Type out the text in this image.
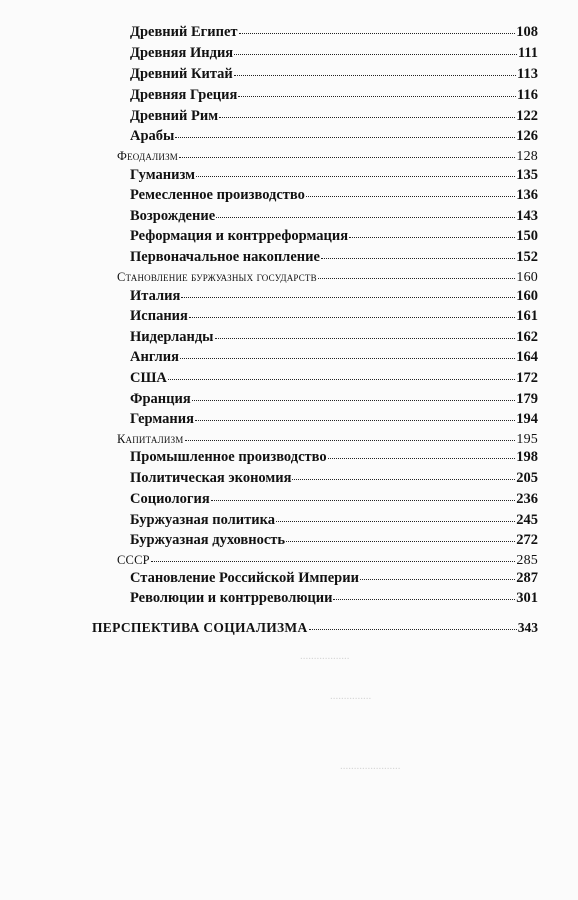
..................
...............
......................
Древний Египет	108
Древняя Индия	111
Древний Китай	113
Древняя Греция	116
Древний Рим	122
Арабы	126
Феодализм	128
Гуманизм	135
Ремесленное производство	136
Возрождение	143
Реформация и контрреформация	150
Первоначальное накопление	152
Становление буржуазных государств	160
Италия	160
Испания	161
Нидерланды	162
Англия	164
США	172
Франция	179
Германия	194
Капитализм	195
Промышленное производство	198
Политическая экономия	205
Социология	236
Буржуазная политика	245
Буржуазная духовность	272
СССР	285
Становление Российской Империи	287
Революции и контрреволюции	301
ПЕРСПЕКТИВА СОЦИАЛИЗМА	343
